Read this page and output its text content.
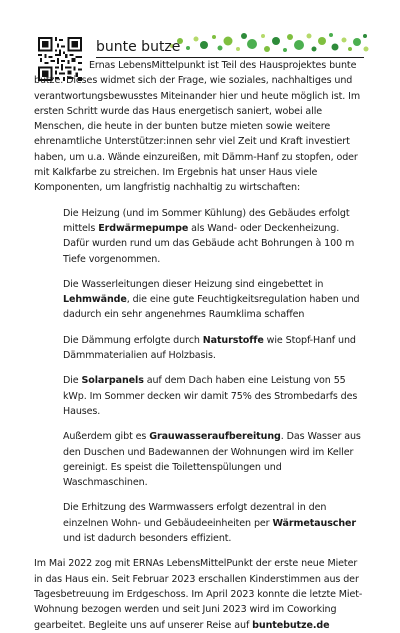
bunte butze

Ernas LebensMittelpunkt ist Teil des Hausprojektes bunte butze. Dieses widmet sich der Frage, wie soziales, nachhaltiges und verantwortungsbewusstes Miteinander hier und heute möglich ist. Im ersten Schritt wurde das Haus energetisch saniert, wobei alle Menschen, die heute in der bunten butze mieten sowie weitere ehrenamtliche Unterstützer:innen sehr viel Zeit und Kraft investiert haben, um u.a. Wände einzureißen, mit Dämm-Hanf zu stopfen, oder mit Kalkfarbe zu streichen. Im Ergebnis hat unser Haus viele Komponenten, um langfristig nachhaltig zu wirtschaften:

Die Heizung (und im Sommer Kühlung) des Gebäudes erfolgt mittels Erdwärmepumpe als Wand- oder Deckenheizung. Dafür wurden rund um das Gebäude acht Bohrungen à 100 m Tiefe vorgenommen.

Die Wasserleitungen dieser Heizung sind eingebettet in Lehmwände, die eine gute Feuchtigkeitsregulation haben und dadurch ein sehr angenehmes Raumklima schaffen

Die Dämmung erfolgte durch Naturstoffe wie Stopf-Hanf und Dämmmaterialien auf Holzbasis.

Die Solarpanels auf dem Dach haben eine Leistung von 55 kWp. Im Sommer decken wir damit 75% des Strombedarfs des Hauses.

Außerdem gibt es Grauwasseraufbereitung. Das Wasser aus den Duschen und Badewannen der Wohnungen wird im Keller gereinigt. Es speist die Toilettenspülungen und Waschmaschinen.

Die Erhitzung des Warmwassers erfolgt dezentral in den einzelnen Wohn- und Gebäudeeinheiten per Wärmetauscher und ist dadurch besonders effizient.

Im Mai 2022 zog mit ERNAs LebensMittelPunkt der erste neue Mieter in das Haus ein. Seit Februar 2023 erschallen Kinderstimmen aus der Tagesbetreuung im Erdgeschoss. Im April 2023 konnte die letzte Miet-Wohnung bezogen werden und seit Juni 2023 wird im Coworking gearbeitet. Begleite uns auf unserer Reise auf buntebutze.de
